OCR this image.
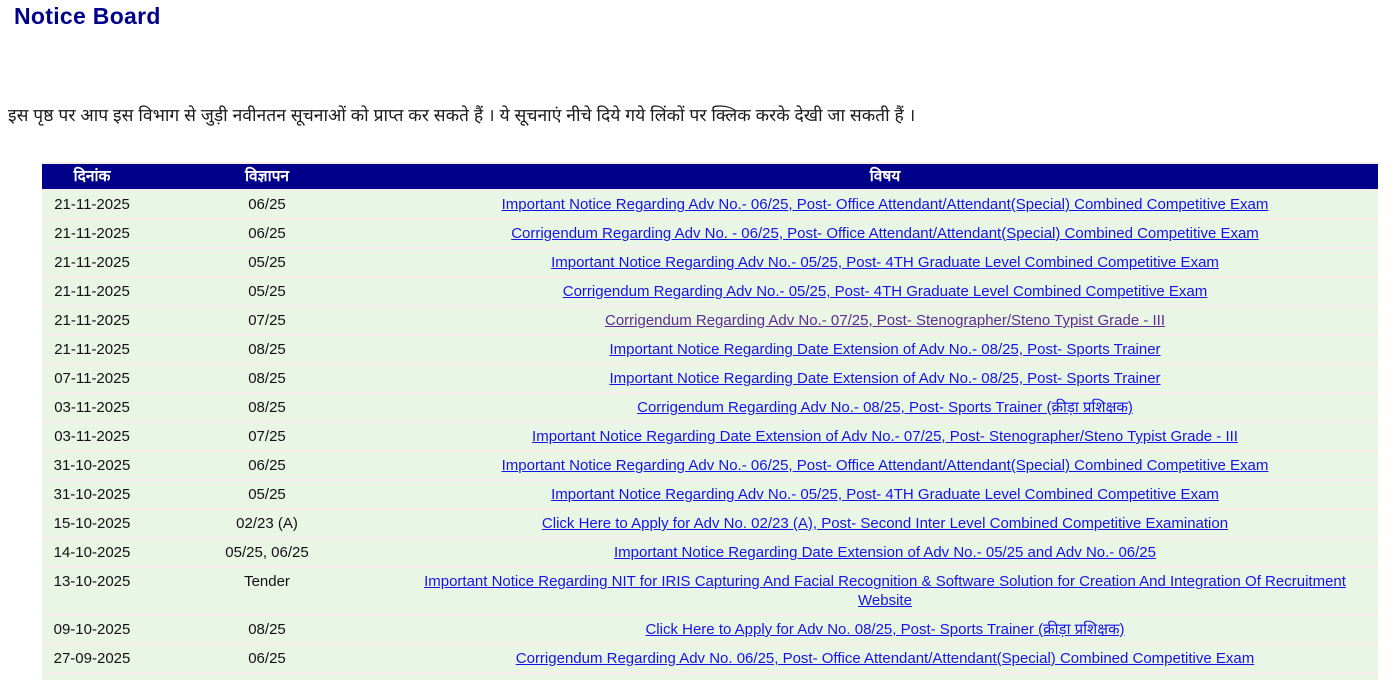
Notice Board

इस पृष्ठ पर आप इस विभाग से जुड़ी नवीनतन सूचनाओं को प्राप्त कर सकते हैं । ये सूचनाएं नीचे दिये गये लिंकों पर क्लिक करके देखी जा सकती हैं ।

दिनांक	विज्ञापन	विषय
21-11-2025	06/25	Important Notice Regarding Adv No.- 06/25, Post- Office Attendant/Attendant(Special) Combined Competitive Exam
21-11-2025	06/25	Corrigendum Regarding Adv No. - 06/25, Post- Office Attendant/Attendant(Special) Combined Competitive Exam
21-11-2025	05/25	Important Notice Regarding Adv No.- 05/25, Post- 4TH Graduate Level Combined Competitive Exam
21-11-2025	05/25	Corrigendum Regarding Adv No.- 05/25, Post- 4TH Graduate Level Combined Competitive Exam
21-11-2025	07/25	Corrigendum Regarding Adv No.- 07/25, Post- Stenographer/Steno Typist Grade - III
21-11-2025	08/25	Important Notice Regarding Date Extension of Adv No.- 08/25, Post- Sports Trainer
07-11-2025	08/25	Important Notice Regarding Date Extension of Adv No.- 08/25, Post- Sports Trainer
03-11-2025	08/25	Corrigendum Regarding Adv No.- 08/25, Post- Sports Trainer (क्रीड़ा प्रशिक्षक)
03-11-2025	07/25	Important Notice Regarding Date Extension of Adv No.- 07/25, Post- Stenographer/Steno Typist Grade - III
31-10-2025	06/25	Important Notice Regarding Adv No.- 06/25, Post- Office Attendant/Attendant(Special) Combined Competitive Exam
31-10-2025	05/25	Important Notice Regarding Adv No.- 05/25, Post- 4TH Graduate Level Combined Competitive Exam
15-10-2025	02/23 (A)	Click Here to Apply for Adv No. 02/23 (A), Post- Second Inter Level Combined Competitive Examination
14-10-2025	05/25, 06/25	Important Notice Regarding Date Extension of Adv No.- 05/25 and Adv No.- 06/25
13-10-2025	Tender	Important Notice Regarding NIT for IRIS Capturing And Facial Recognition & Software Solution for Creation And Integration Of Recruitment Website
09-10-2025	08/25	Click Here to Apply for Adv No. 08/25, Post- Sports Trainer (क्रीड़ा प्रशिक्षक)
27-09-2025	06/25	Corrigendum Regarding Adv No. 06/25, Post- Office Attendant/Attendant(Special) Combined Competitive Exam
